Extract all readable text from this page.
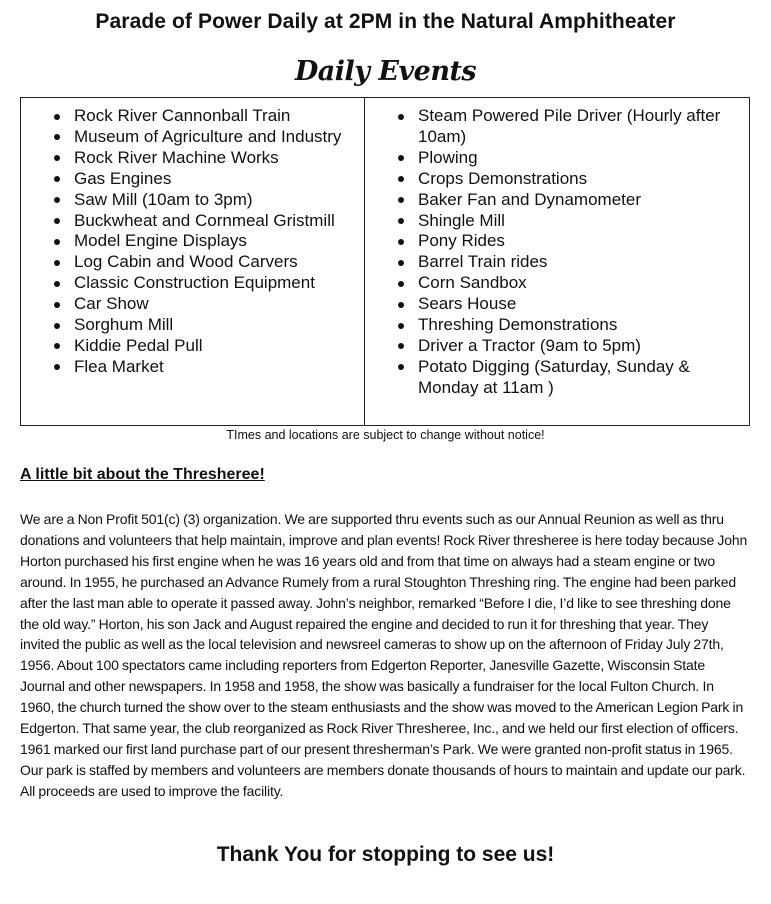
Parade of Power Daily at 2PM in the Natural Amphitheater
Daily Events
Rock River Cannonball Train
Museum of Agriculture and Industry
Rock River Machine Works
Gas Engines
Saw Mill (10am to 3pm)
Buckwheat and Cornmeal Gristmill
Model Engine Displays
Log Cabin and Wood Carvers
Classic Construction Equipment
Car Show
Sorghum Mill
Kiddie Pedal Pull
Flea Market
Steam Powered Pile Driver (Hourly after 10am)
Plowing
Crops Demonstrations
Baker Fan and Dynamometer
Shingle Mill
Pony Rides
Barrel Train rides
Corn Sandbox
Sears House
Threshing Demonstrations
Driver a Tractor (9am to 5pm)
Potato Digging (Saturday, Sunday & Monday at 11am )
TImes and locations are subject to change without notice!
A little bit about the Thresheree!
We are a Non Profit 501(c) (3) organization. We are supported thru events such as our Annual Reunion as well as thru donations and volunteers that help maintain, improve and plan events! Rock River thresheree is here today because John Horton purchased his first engine when he was 16 years old and from that time on always had a steam engine or two around. In 1955, he purchased an Advance Rumely from a rural Stoughton Threshing ring. The engine had been parked after the last man able to operate it passed away. John’s neighbor, remarked “Before I die, I’d like to see threshing done the old way.” Horton, his son Jack and August repaired the engine and decided to run it for threshing that year. They invited the public as well as the local television and newsreel cameras to show up on the afternoon of Friday July 27th, 1956. About 100 spectators came including reporters from Edgerton Reporter, Janesville Gazette, Wisconsin State Journal and other newspapers. In 1958 and 1958, the show was basically a fundraiser for the local Fulton Church. In 1960, the church turned the show over to the steam enthusiasts and the show was moved to the American Legion Park in Edgerton. That same year, the club reorganized as Rock River Thresheree, Inc., and we held our first election of officers. 1961 marked our first land purchase part of our present thresherman’s Park. We were granted non-profit status in 1965. Our park is staffed by members and volunteers are members donate thousands of hours to maintain and update our park. All proceeds are used to improve the facility.
Thank You for stopping to see us!
